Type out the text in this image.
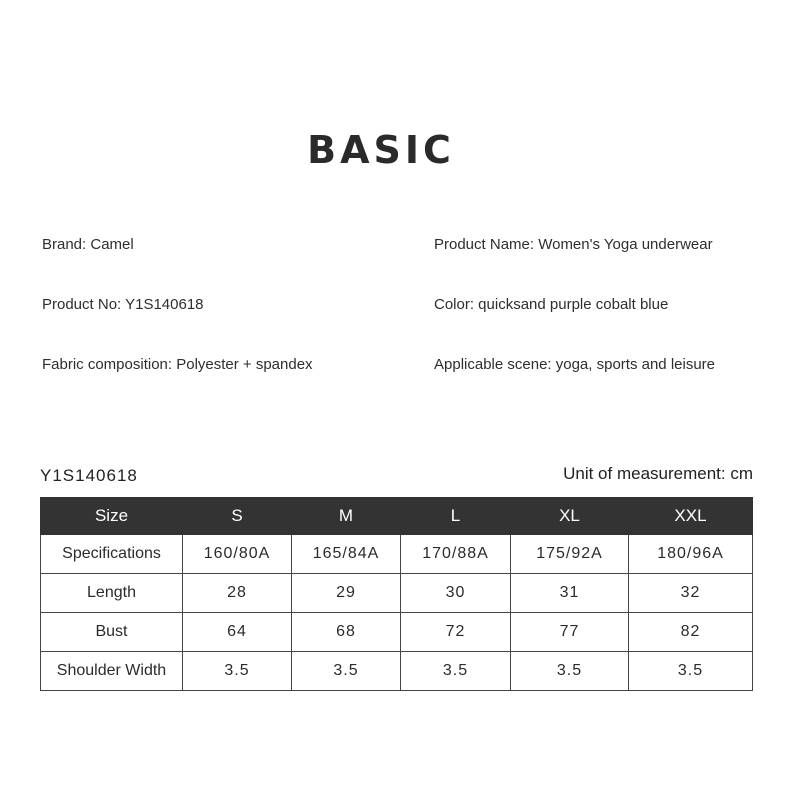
BASIC
Brand: Camel	Product Name: Women's Yoga underwear
Product No: Y1S140618	Color: quicksand purple cobalt blue
Fabric composition: Polyester + spandex	Applicable scene: yoga, sports and leisure
Y1S140618	Unit of measurement: cm
Size	S	M	L	XL	XXL
Specifications	160/80A	165/84A	170/88A	175/92A	180/96A
Length	28	29	30	31	32
Bust	64	68	72	77	82
Shoulder Width	3.5	3.5	3.5	3.5	3.5
